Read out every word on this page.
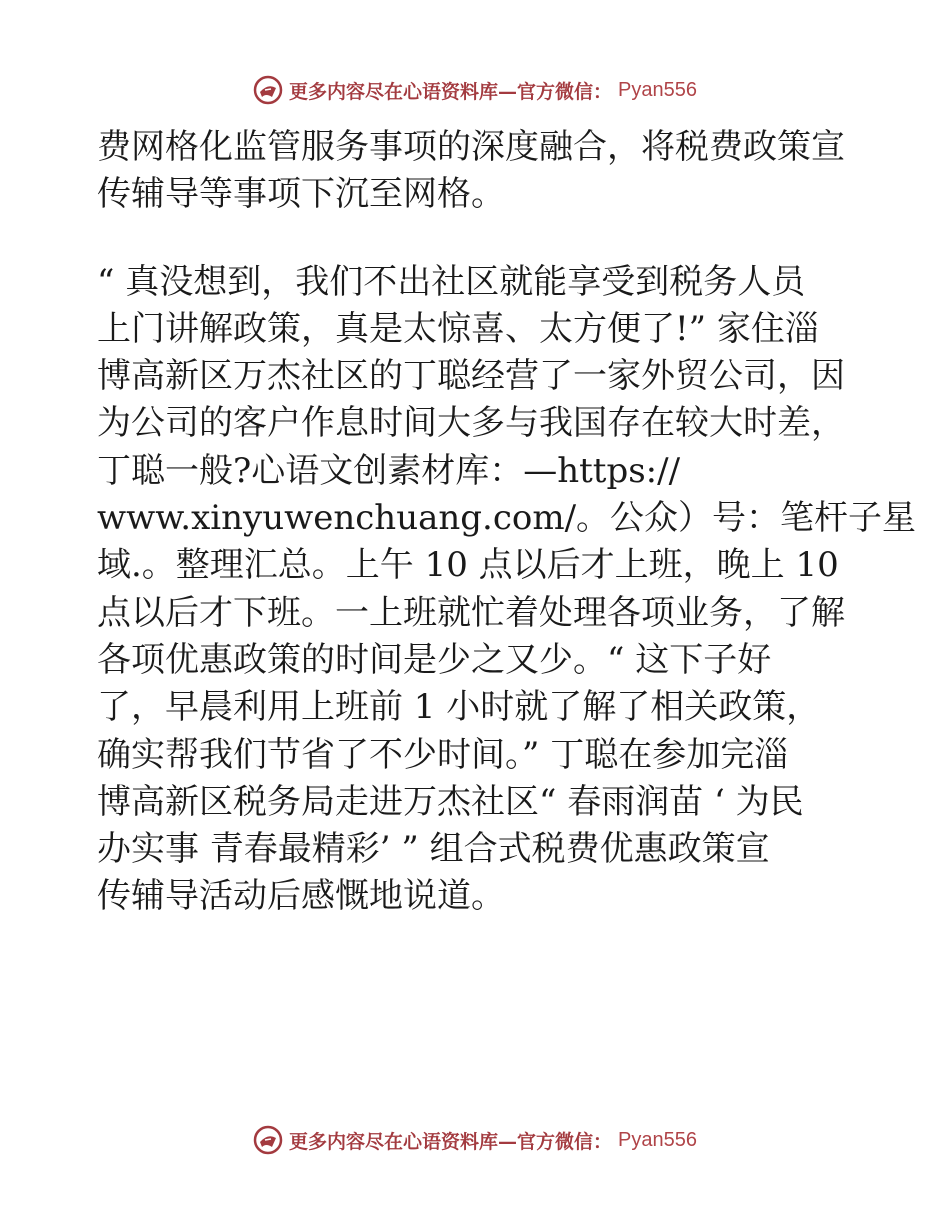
更多内容尽在心语资料库—官方微信： Pyan556
费网格化监管服务事项的深度融合，将税费政策宣
传辅导等事项下沉至网格。
“ 真没想到，我们不出社区就能享受到税务人员
上门讲解政策，真是太惊喜、太方便了!” 家住淄
博高新区万杰社区的丁聪经营了一家外贸公司，因
为公司的客户作息时间大多与我国存在较大时差，
丁聪一般?心语文创素材库：—https://
www.xinyuwenchuang.com/。公众）号：笔杆子星
域.。整理汇总。上午 10 点以后才上班，晚上 10
点以后才下班。一上班就忙着处理各项业务，了解
各项优惠政策的时间是少之又少。“ 这下子好
了，早晨利用上班前 1 小时就了解了相关政策，
确实帮我们节省了不少时间。” 丁聪在参加完淄
博高新区税务局走进万杰社区“ 春雨润苗 ‘ 为民
办实事 青春最精彩’ ” 组合式税费优惠政策宣
传辅导活动后感慨地说道。
更多内容尽在心语资料库—官方微信： Pyan556
